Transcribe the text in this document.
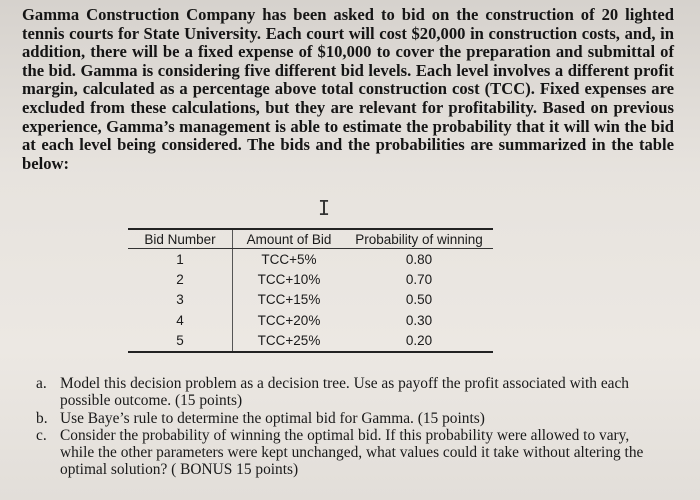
Gamma Construction Company has been asked to bid on the construction of 20 lighted tennis courts for State University. Each court will cost $20,000 in construction costs, and, in addition, there will be a fixed expense of $10,000 to cover the preparation and submittal of the bid. Gamma is considering five different bid levels. Each level involves a different profit margin, calculated as a percentage above total construction cost (TCC). Fixed expenses are excluded from these calculations, but they are relevant for profitability. Based on previous experience, Gamma’s management is able to estimate the probability that it will win the bid at each level being considered. The bids and the probabilities are summarized in the table below:

I
Bid Number	Amount of Bid	Probability of winning
1	TCC+5%	0.80
2	TCC+10%	0.70
3	TCC+15%	0.50
4	TCC+20%	0.30
5	TCC+25%	0.20
a. Model this decision problem as a decision tree. Use as payoff the profit associated with each possible outcome. (15 points)
b. Use Baye’s rule to determine the optimal bid for Gamma. (15 points)
c. Consider the probability of winning the optimal bid. If this probability were allowed to vary, while the other parameters were kept unchanged, what values could it take without altering the optimal solution? ( BONUS 15 points)
